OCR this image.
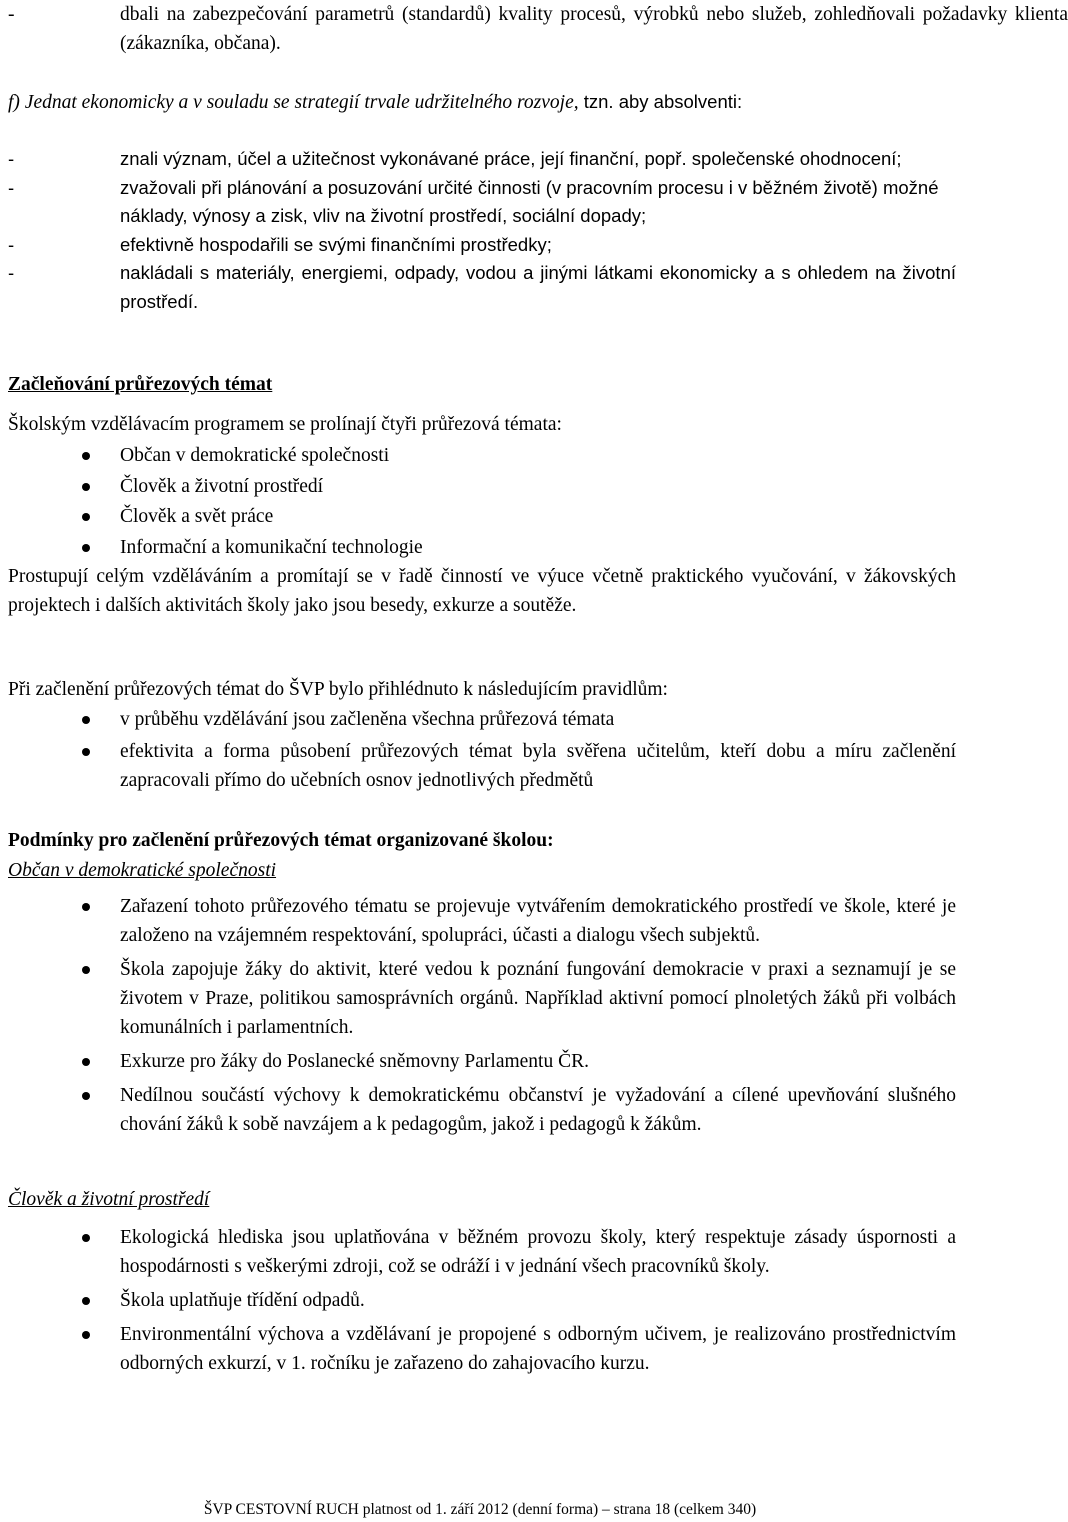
-	dbali na zabezpečování parametrů (standardů) kvality procesů, výrobků nebo služeb, zohledňovali požadavky klienta (zákazníka, občana).
f) Jednat ekonomicky a v souladu se strategií trvale udržitelného rozvoje, tzn. aby absolventi:
-	znali význam, účel a užitečnost vykonávané práce, její finanční, popř. společenské ohodnocení;
-	zvažovali při plánování a posuzování určité činnosti (v pracovním procesu i v běžném životě) možné náklady, výnosy a zisk, vliv na životní prostředí, sociální dopady;
-	efektivně hospodařili se svými finančními prostředky;
-	nakládali s materiály, energiemi, odpady, vodou a jinými látkami ekonomicky a s ohledem na životní prostředí.
Začleňování průřezových témat
Školským vzdělávacím programem se prolínají čtyři průřezová témata:
Občan v demokratické společnosti
Člověk a životní prostředí
Člověk a svět práce
Informační a komunikační technologie
Prostupují celým vzděláváním a promítají se v řadě činností ve výuce včetně praktického vyučování, v žákovských projektech i dalších aktivitách školy jako jsou besedy, exkurze a soutěže.
Při začlenění průřezových témat do ŠVP bylo přihlédnuto k následujícím pravidlům:
v průběhu vzdělávání jsou začleněna všechna průřezová témata
efektivita a forma působení průřezových témat byla svěřena učitelům, kteří dobu a míru začlenění zapracovali přímo do učebních osnov jednotlivých předmětů
Podmínky pro začlenění průřezových témat organizované školou:
Občan v demokratické společnosti
Zařazení tohoto průřezového tématu se projevuje vytvářením demokratického prostředí ve škole, které je založeno na vzájemném respektování, spolupráci, účasti a dialogu všech subjektů.
Škola zapojuje žáky do aktivit, které vedou k poznání fungování demokracie v praxi a seznamují je se životem v Praze, politikou samosprávních orgánů. Například aktivní pomocí plnoletých žáků při volbách komunálních i parlamentních.
Exkurze pro žáky do Poslanecké sněmovny Parlamentu ČR.
Nedílnou součástí výchovy k demokratickému občanství je vyžadování a cílené upevňování slušného chování žáků k sobě navzájem a k pedagogům, jakož i pedagogů k žákům.
Člověk a životní prostředí
Ekologická hlediska jsou uplatňována v běžném provozu školy, který respektuje zásady úspornosti a hospodárnosti s veškerými zdroji, což se odráží i v jednání všech pracovníků školy.
Škola uplatňuje třídění odpadů.
Environmentální výchova a vzdělávaní je propojené s odborným učivem, je realizováno prostřednictvím odborných exkurzí, v 1. ročníku je zařazeno do zahajovacího kurzu.
ŠVP CESTOVNÍ RUCH platnost od 1. září 2012 (denní forma) – strana 18 (celkem 340)
